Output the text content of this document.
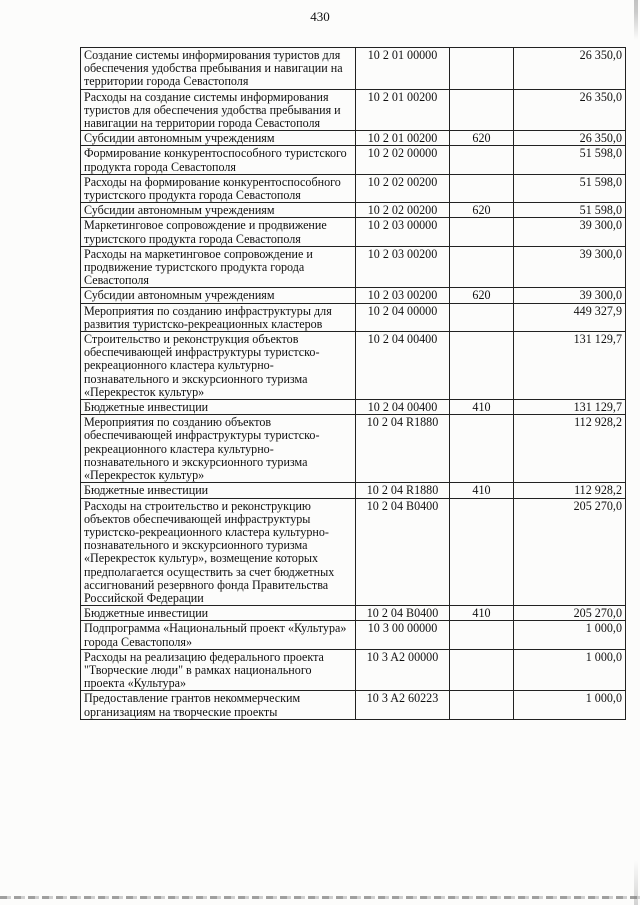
430
Создание системы информирования туристов для обеспечения удобства пребывания и навигации на территории города Севастополя	10 2 01 00000		26 350,0
Расходы на создание системы информирования туристов для обеспечения удобства пребывания и навигации на территории города Севастополя	10 2 01 00200		26 350,0
Субсидии автономным учреждениям	10 2 01 00200	620	26 350,0
Формирование конкурентоспособного туристского продукта города Севастополя	10 2 02 00000		51 598,0
Расходы на формирование конкурентоспособного туристского продукта города Севастополя	10 2 02 00200		51 598,0
Субсидии автономным учреждениям	10 2 02 00200	620	51 598,0
Маркетинговое сопровождение и продвижение туристского продукта города Севастополя	10 2 03 00000		39 300,0
Расходы на маркетинговое сопровождение и продвижение туристского продукта города Севастополя	10 2 03 00200		39 300,0
Субсидии автономным учреждениям	10 2 03 00200	620	39 300,0
Мероприятия по созданию инфраструктуры для развития туристско-рекреационных кластеров	10 2 04 00000		449 327,9
Строительство и реконструкция объектов обеспечивающей инфраструктуры туристско-рекреационного кластера культурно-познавательного и экскурсионного туризма «Перекресток культур»	10 2 04 00400		131 129,7
Бюджетные инвестиции	10 2 04 00400	410	131 129,7
Мероприятия по созданию объектов обеспечивающей инфраструктуры туристско-рекреационного кластера культурно-познавательного и экскурсионного туризма «Перекресток культур»	10 2 04 R1880		112 928,2
Бюджетные инвестиции	10 2 04 R1880	410	112 928,2
Расходы на строительство и реконструкцию объектов обеспечивающей инфраструктуры туристско-рекреационного кластера культурно-познавательного и экскурсионного туризма «Перекресток культур», возмещение которых предполагается осуществить за счет бюджетных ассигнований резервного фонда Правительства Российской Федерации	10 2 04 B0400		205 270,0
Бюджетные инвестиции	10 2 04 B0400	410	205 270,0
Подпрограмма «Национальный проект «Культура» города Севастополя»	10 3 00 00000		1 000,0
Расходы на реализацию федерального проекта "Творческие люди" в рамках национального проекта «Культура»	10 3 A2 00000		1 000,0
Предоставление грантов некоммерческим организациям на творческие проекты	10 3 A2 60223		1 000,0
